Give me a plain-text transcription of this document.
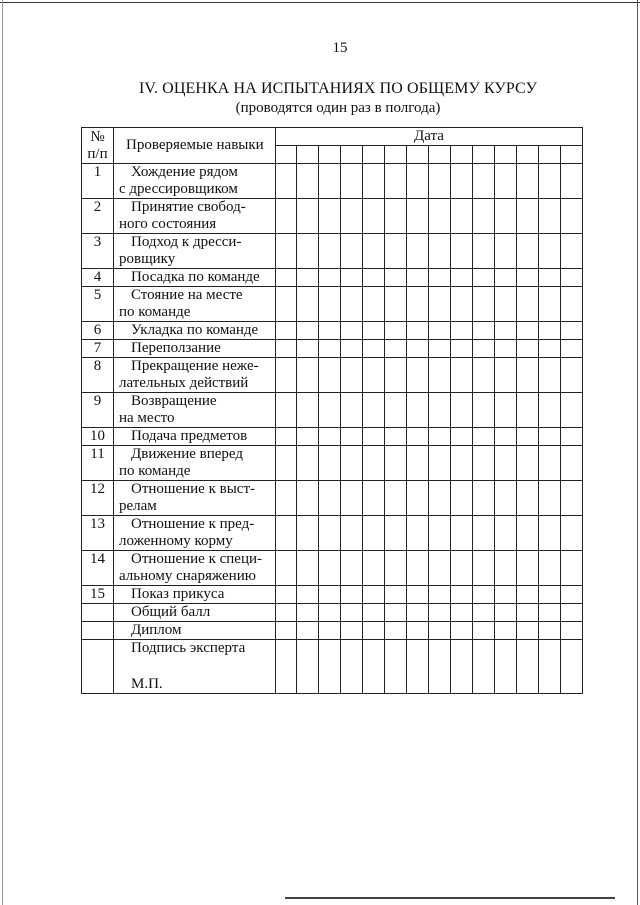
15
IV. ОЦЕНКА НА ИСПЫТАНИЯХ ПО ОБЩЕМУ КУРСУ
(проводятся один раз в полгода)
№
п/п	Проверяемые навыки	Дата													

1	Хождение рядом
с дрессировщиком														
2	Принятие свобод-
ного состояния														
3	Подход к дресси-
ровщику														
4	Посадка по команде														
5	Стояние на месте
по команде														
6	Укладка по команде														
7	Переползание														
8	Прекращение неже-
лательных действий														
9	Возвращение
на место														
10	Подача предметов														
11	Движение вперед
по команде														
12	Отношение к выст-
релам														
13	Отношение к пред-
ложенному корму														
14	Отношение к специ-
альному снаряжению														
15	Показ прикуса														
	Общий балл														
	Диплом														

	Подпись эксперта
М.П.														
